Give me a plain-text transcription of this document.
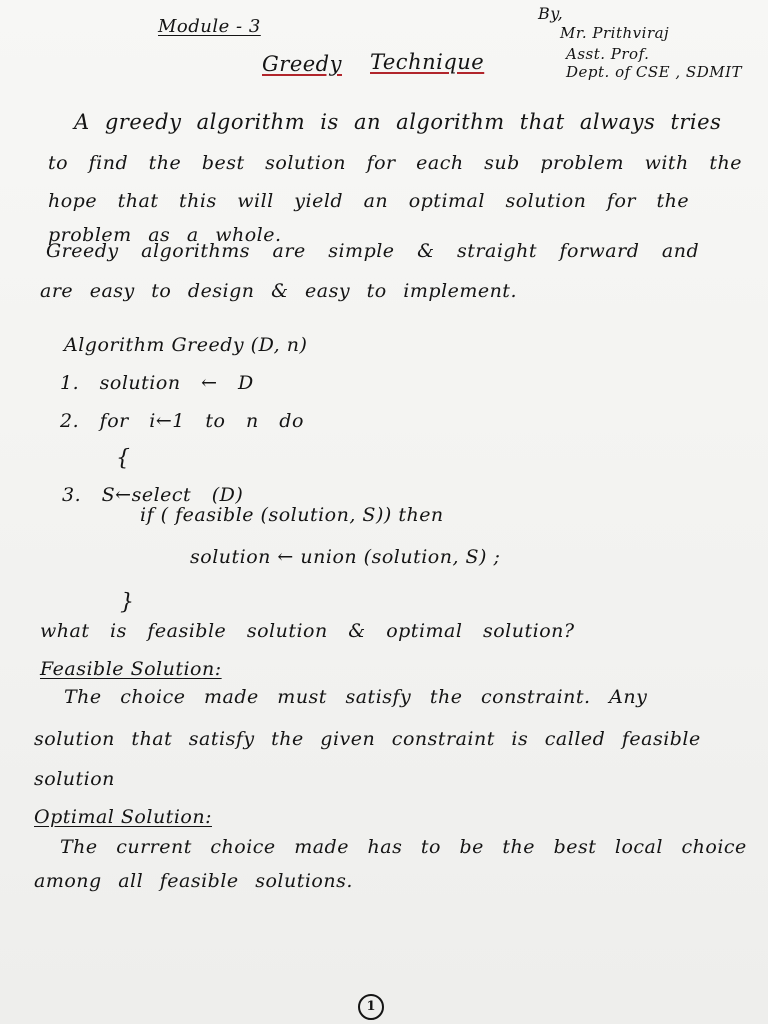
Module - 3
By,
Mr. Prithviraj
Asst. Prof.
Dept. of CSE , SDMIT
Greedy Technique
A greedy algorithm is an algorithm that always tries
to find the best solution for each sub problem with the
hope that this will yield an optimal solution for the
problem as a whole.
Greedy algorithms are simple & straight forward and
are easy to design & easy to implement.
Algorithm Greedy (D, n)
1. solution ← D
2. for i←1 to n do
{
3. S←select (D)
if ( feasible (solution, S)) then
solution ← union (solution, S) ;
}
what is feasible solution & optimal solution?
Feasible Solution:
The choice made must satisfy the constraint. Any
solution that satisfy the given constraint is called feasible
solution
Optimal Solution:
The current choice made has to be the best local choice
among all feasible solutions.
1
